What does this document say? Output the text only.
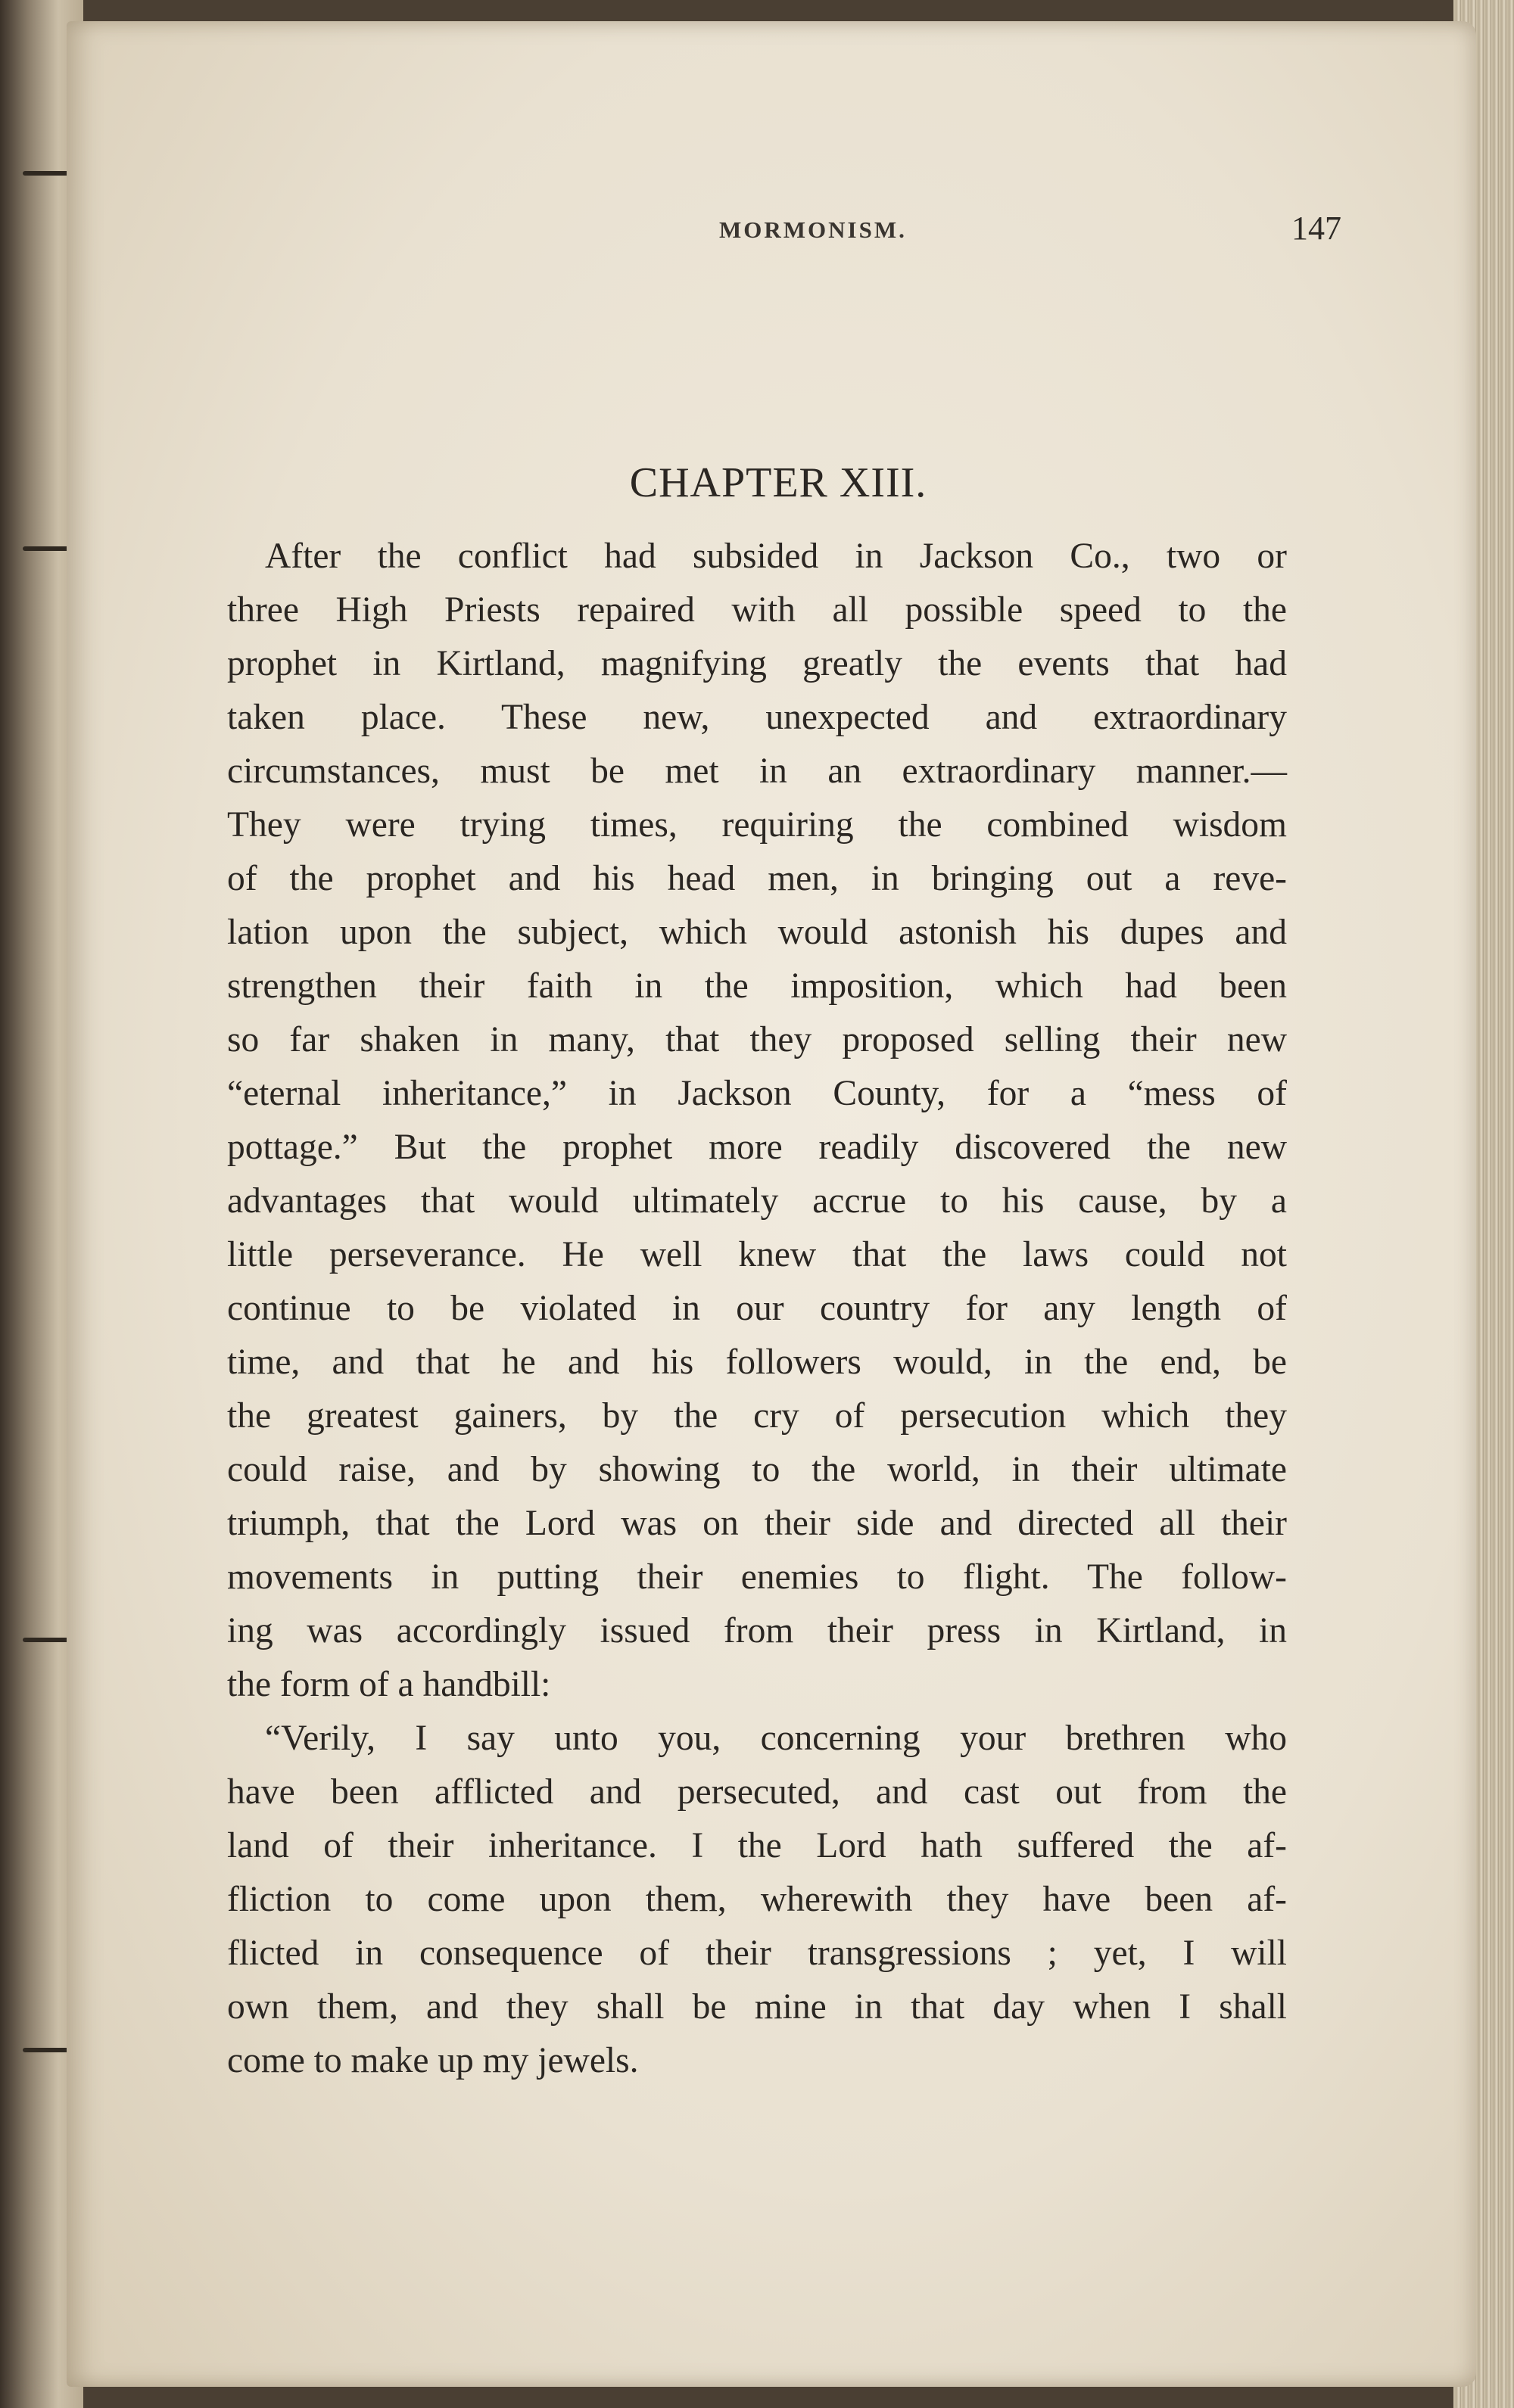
MORMONISM.	147
CHAPTER XIII.
After the conflict had subsided in Jackson Co., two or
three High Priests repaired with all possible speed to the
prophet in Kirtland, magnifying greatly the events that had
taken place. These new, unexpected and extraordinary
circumstances, must be met in an extraordinary manner.—
They were trying times, requiring the combined wisdom
of the prophet and his head men, in bringing out a reve-
lation upon the subject, which would astonish his dupes and
strengthen their faith in the imposition, which had been
so far shaken in many, that they proposed selling their new
“eternal inheritance,” in Jackson County, for a “mess of
pottage.” But the prophet more readily discovered the new
advantages that would ultimately accrue to his cause, by a
little perseverance. He well knew that the laws could not
continue to be violated in our country for any length of
time, and that he and his followers would, in the end, be
the greatest gainers, by the cry of persecution which they
could raise, and by showing to the world, in their ultimate
triumph, that the Lord was on their side and directed all their
movements in putting their enemies to flight. The follow-
ing was accordingly issued from their press in Kirtland, in
the form of a handbill:
“Verily, I say unto you, concerning your brethren who
have been afflicted and persecuted, and cast out from the
land of their inheritance. I the Lord hath suffered the af-
fliction to come upon them, wherewith they have been af-
flicted in consequence of their transgressions ; yet, I will
own them, and they shall be mine in that day when I shall
come to make up my jewels.
